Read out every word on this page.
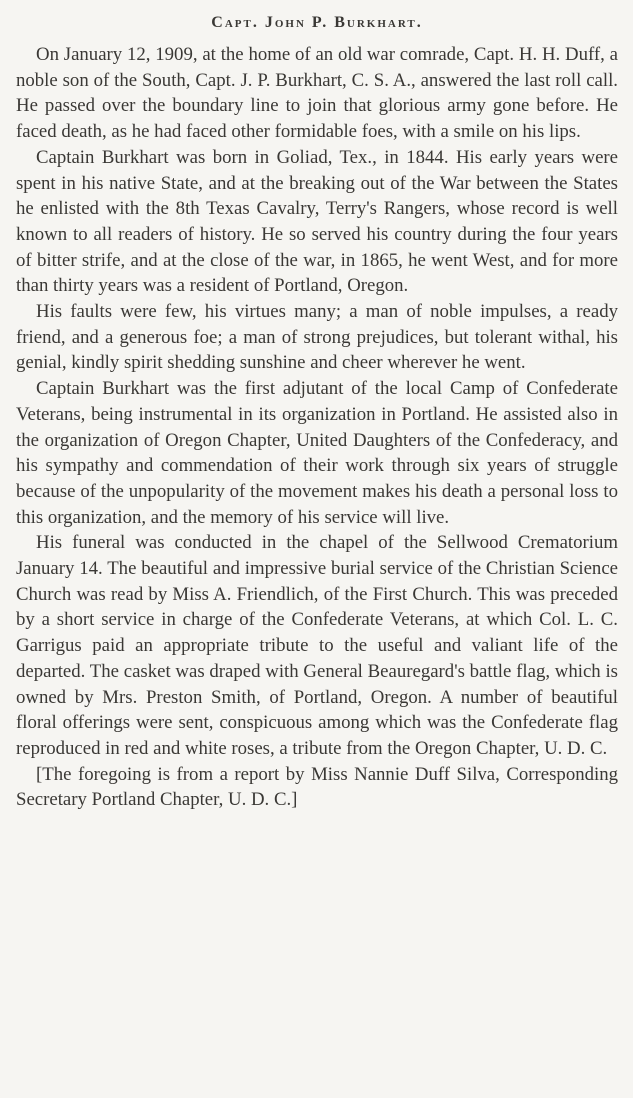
Capt. John P. Burkhart.

On January 12, 1909, at the home of an old war comrade, Capt. H. H. Duff, a noble son of the South, Capt. J. P. Burkhart, C. S. A., answered the last roll call. He passed over the boundary line to join that glorious army gone before. He faced death, as he had faced other formidable foes, with a smile on his lips.

Captain Burkhart was born in Goliad, Tex., in 1844. His early years were spent in his native State, and at the breaking out of the War between the States he enlisted with the 8th Texas Cavalry, Terry's Rangers, whose record is well known to all readers of history. He so served his country during the four years of bitter strife, and at the close of the war, in 1865, he went West, and for more than thirty years was a resident of Portland, Oregon.

His faults were few, his virtues many; a man of noble impulses, a ready friend, and a generous foe; a man of strong prejudices, but tolerant withal, his genial, kindly spirit shedding sunshine and cheer wherever he went.

Captain Burkhart was the first adjutant of the local Camp of Confederate Veterans, being instrumental in its organization in Portland. He assisted also in the organization of Oregon Chapter, United Daughters of the Confederacy, and his sympathy and commendation of their work through six years of struggle because of the unpopularity of the movement makes his death a personal loss to this organization, and the memory of his service will live.

His funeral was conducted in the chapel of the Sellwood Crematorium January 14. The beautiful and impressive burial service of the Christian Science Church was read by Miss A. Friendlich, of the First Church. This was preceded by a short service in charge of the Confederate Veterans, at which Col. L. C. Garrigus paid an appropriate tribute to the useful and valiant life of the departed. The casket was draped with General Beauregard's battle flag, which is owned by Mrs. Preston Smith, of Portland, Oregon. A number of beautiful floral offerings were sent, conspicuous among which was the Confederate flag reproduced in red and white roses, a tribute from the Oregon Chapter, U. D. C.

[The foregoing is from a report by Miss Nannie Duff Silva, Corresponding Secretary Portland Chapter, U. D. C.]
